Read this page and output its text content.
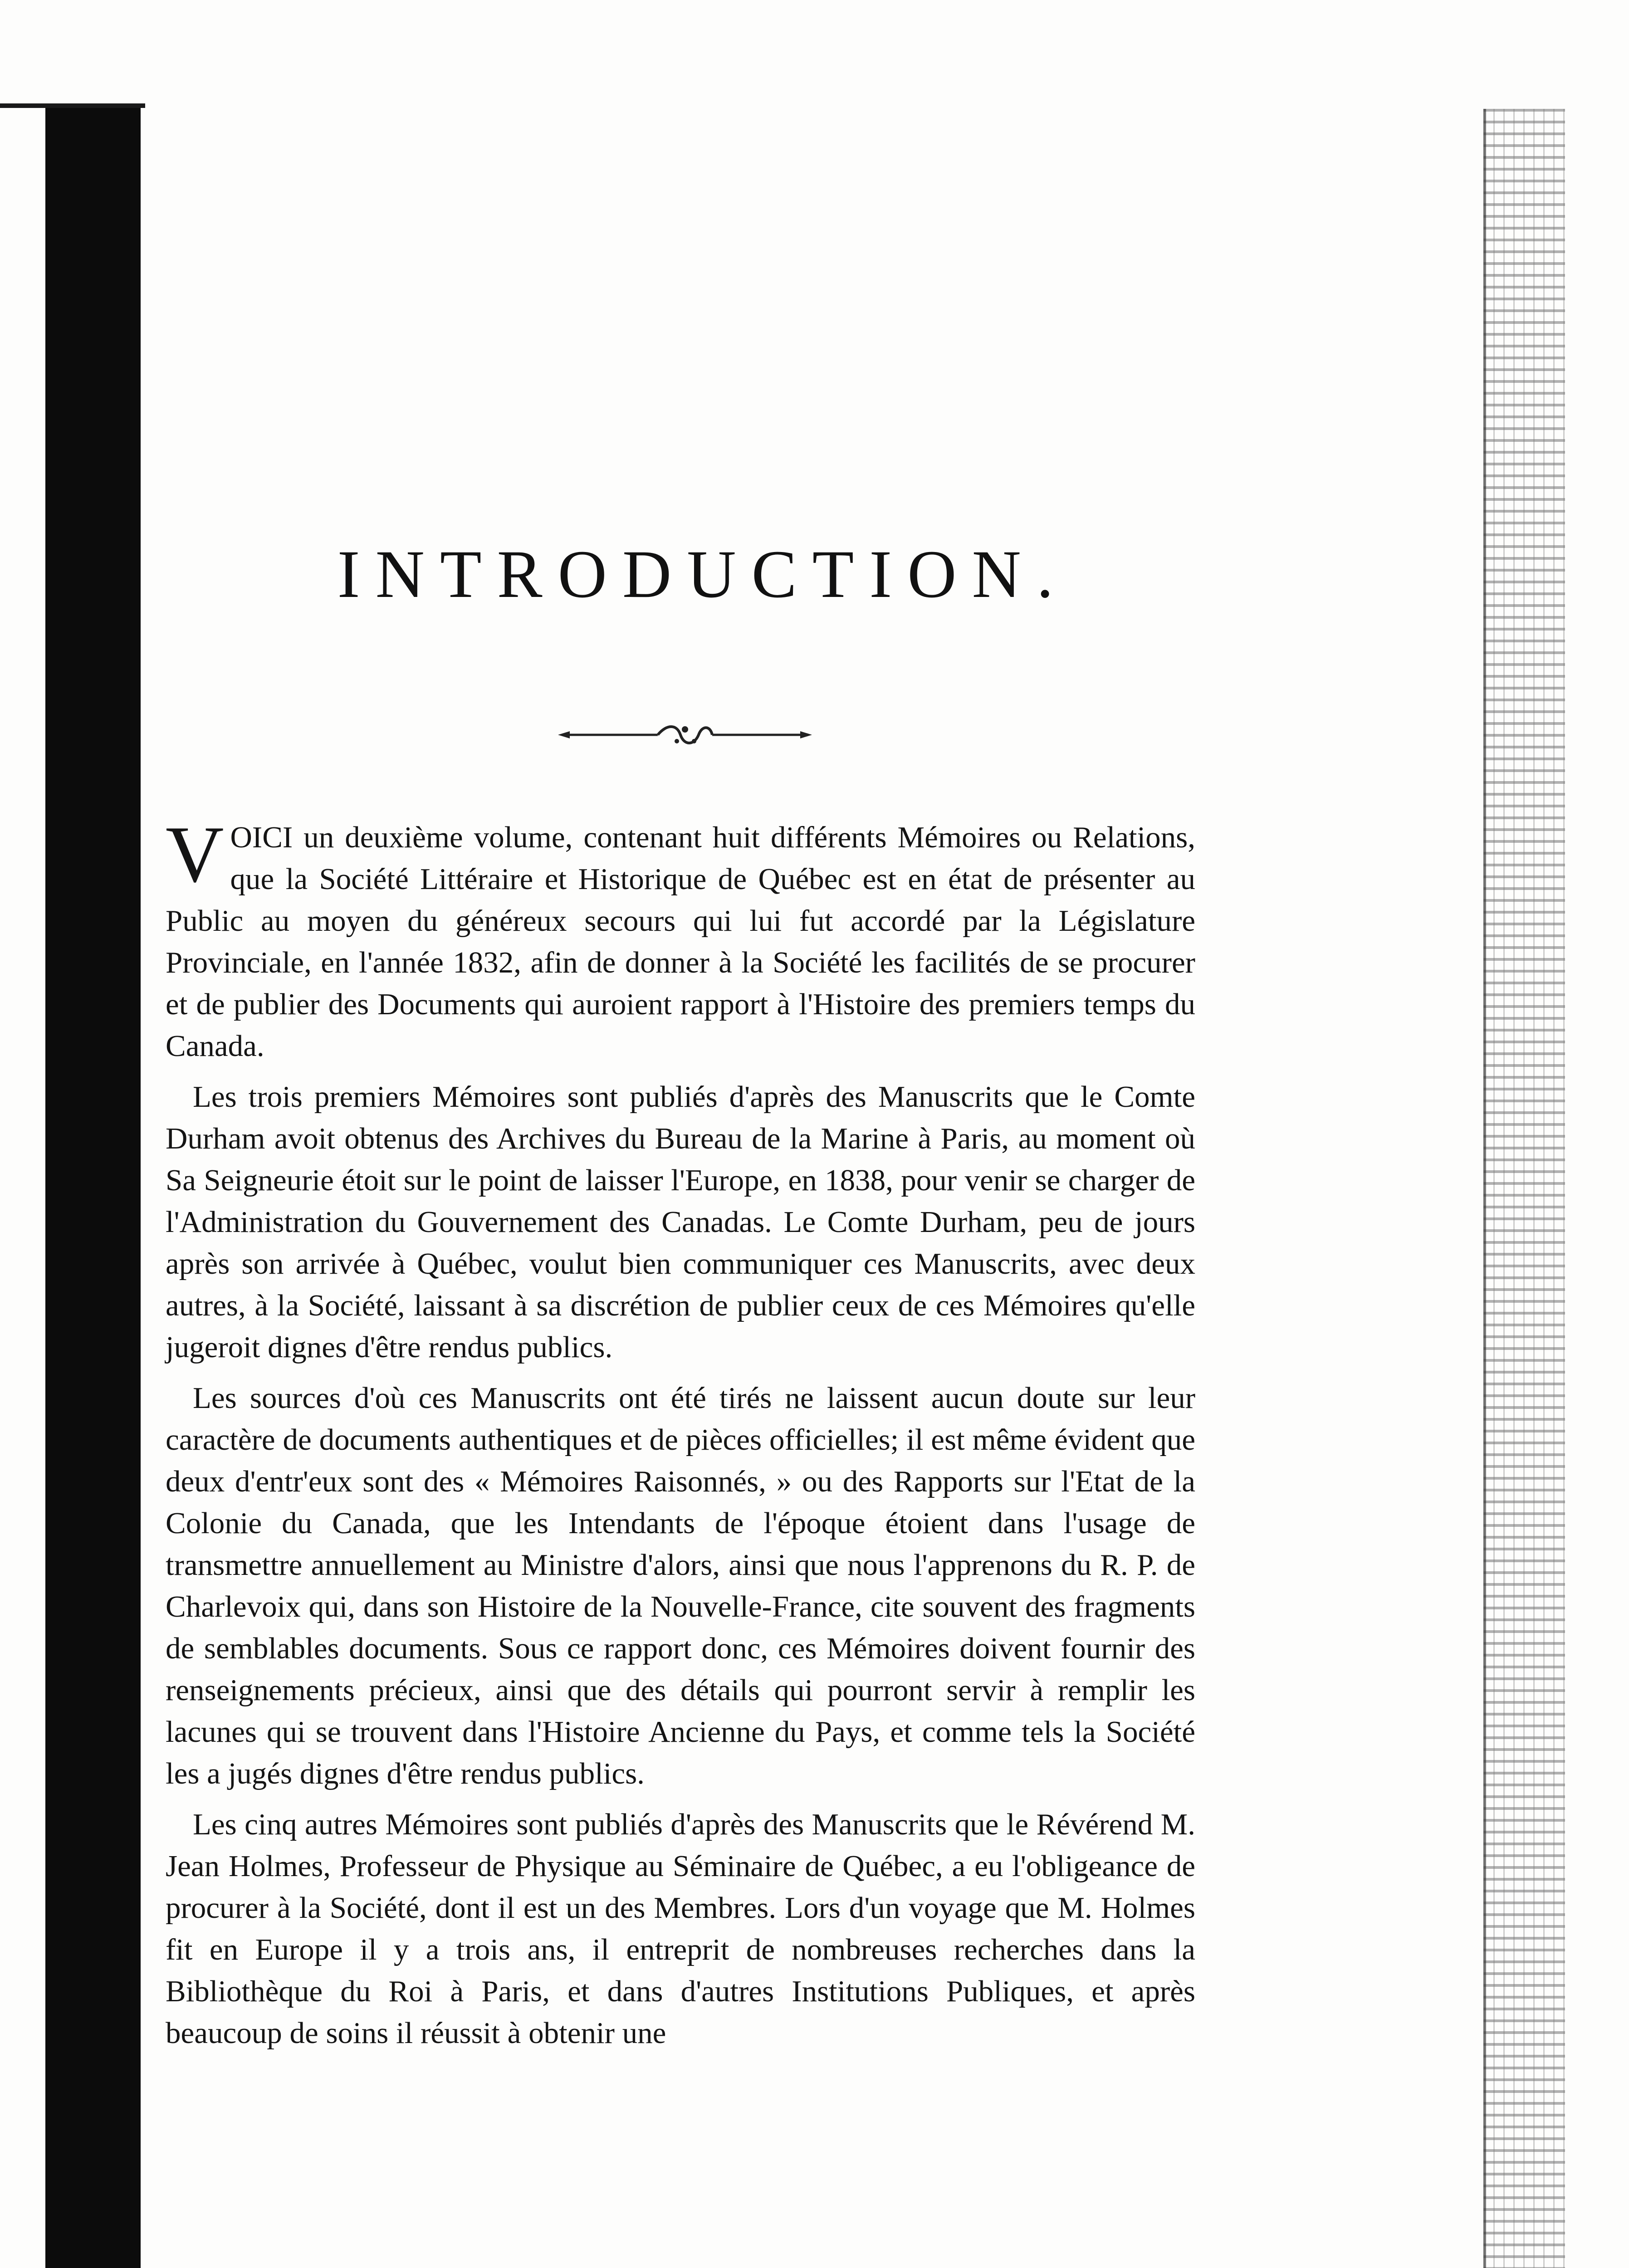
INTRODUCTION.

VOICI un deuxième volume, contenant huit différents Mémoires ou Relations, que la Société Littéraire et Historique de Québec est en état de présenter au Public au moyen du généreux secours qui lui fut accordé par la Législature Provinciale, en l'année 1832, afin de donner à la Société les facilités de se procurer et de publier des Documents qui auroient rapport à l'Histoire des premiers temps du Canada.

Les trois premiers Mémoires sont publiés d'après des Manuscrits que le Comte Durham avoit obtenus des Archives du Bureau de la Marine à Paris, au moment où Sa Seigneurie étoit sur le point de laisser l'Europe, en 1838, pour venir se charger de l'Administration du Gouvernement des Canadas. Le Comte Durham, peu de jours après son arrivée à Québec, voulut bien communiquer ces Manuscrits, avec deux autres, à la Société, laissant à sa discrétion de publier ceux de ces Mémoires qu'elle jugeroit dignes d'être rendus publics.

Les sources d'où ces Manuscrits ont été tirés ne laissent aucun doute sur leur caractère de documents authentiques et de pièces officielles; il est même évident que deux d'entr'eux sont des « Mémoires Raisonnés, » ou des Rapports sur l'Etat de la Colonie du Canada, que les Intendants de l'époque étoient dans l'usage de transmettre annuellement au Ministre d'alors, ainsi que nous l'apprenons du R. P. de Charlevoix qui, dans son Histoire de la Nouvelle-France, cite souvent des fragments de semblables documents. Sous ce rapport donc, ces Mémoires doivent fournir des renseignements précieux, ainsi que des détails qui pourront servir à remplir les lacunes qui se trouvent dans l'Histoire Ancienne du Pays, et comme tels la Société les a jugés dignes d'être rendus publics.

Les cinq autres Mémoires sont publiés d'après des Manuscrits que le Révérend M. Jean Holmes, Professeur de Physique au Séminaire de Québec, a eu l'obligeance de procurer à la Société, dont il est un des Membres. Lors d'un voyage que M. Holmes fit en Europe il y a trois ans, il entreprit de nombreuses recherches dans la Bibliothèque du Roi à Paris, et dans d'autres Institutions Publiques, et après beaucoup de soins il réussit à obtenir une
